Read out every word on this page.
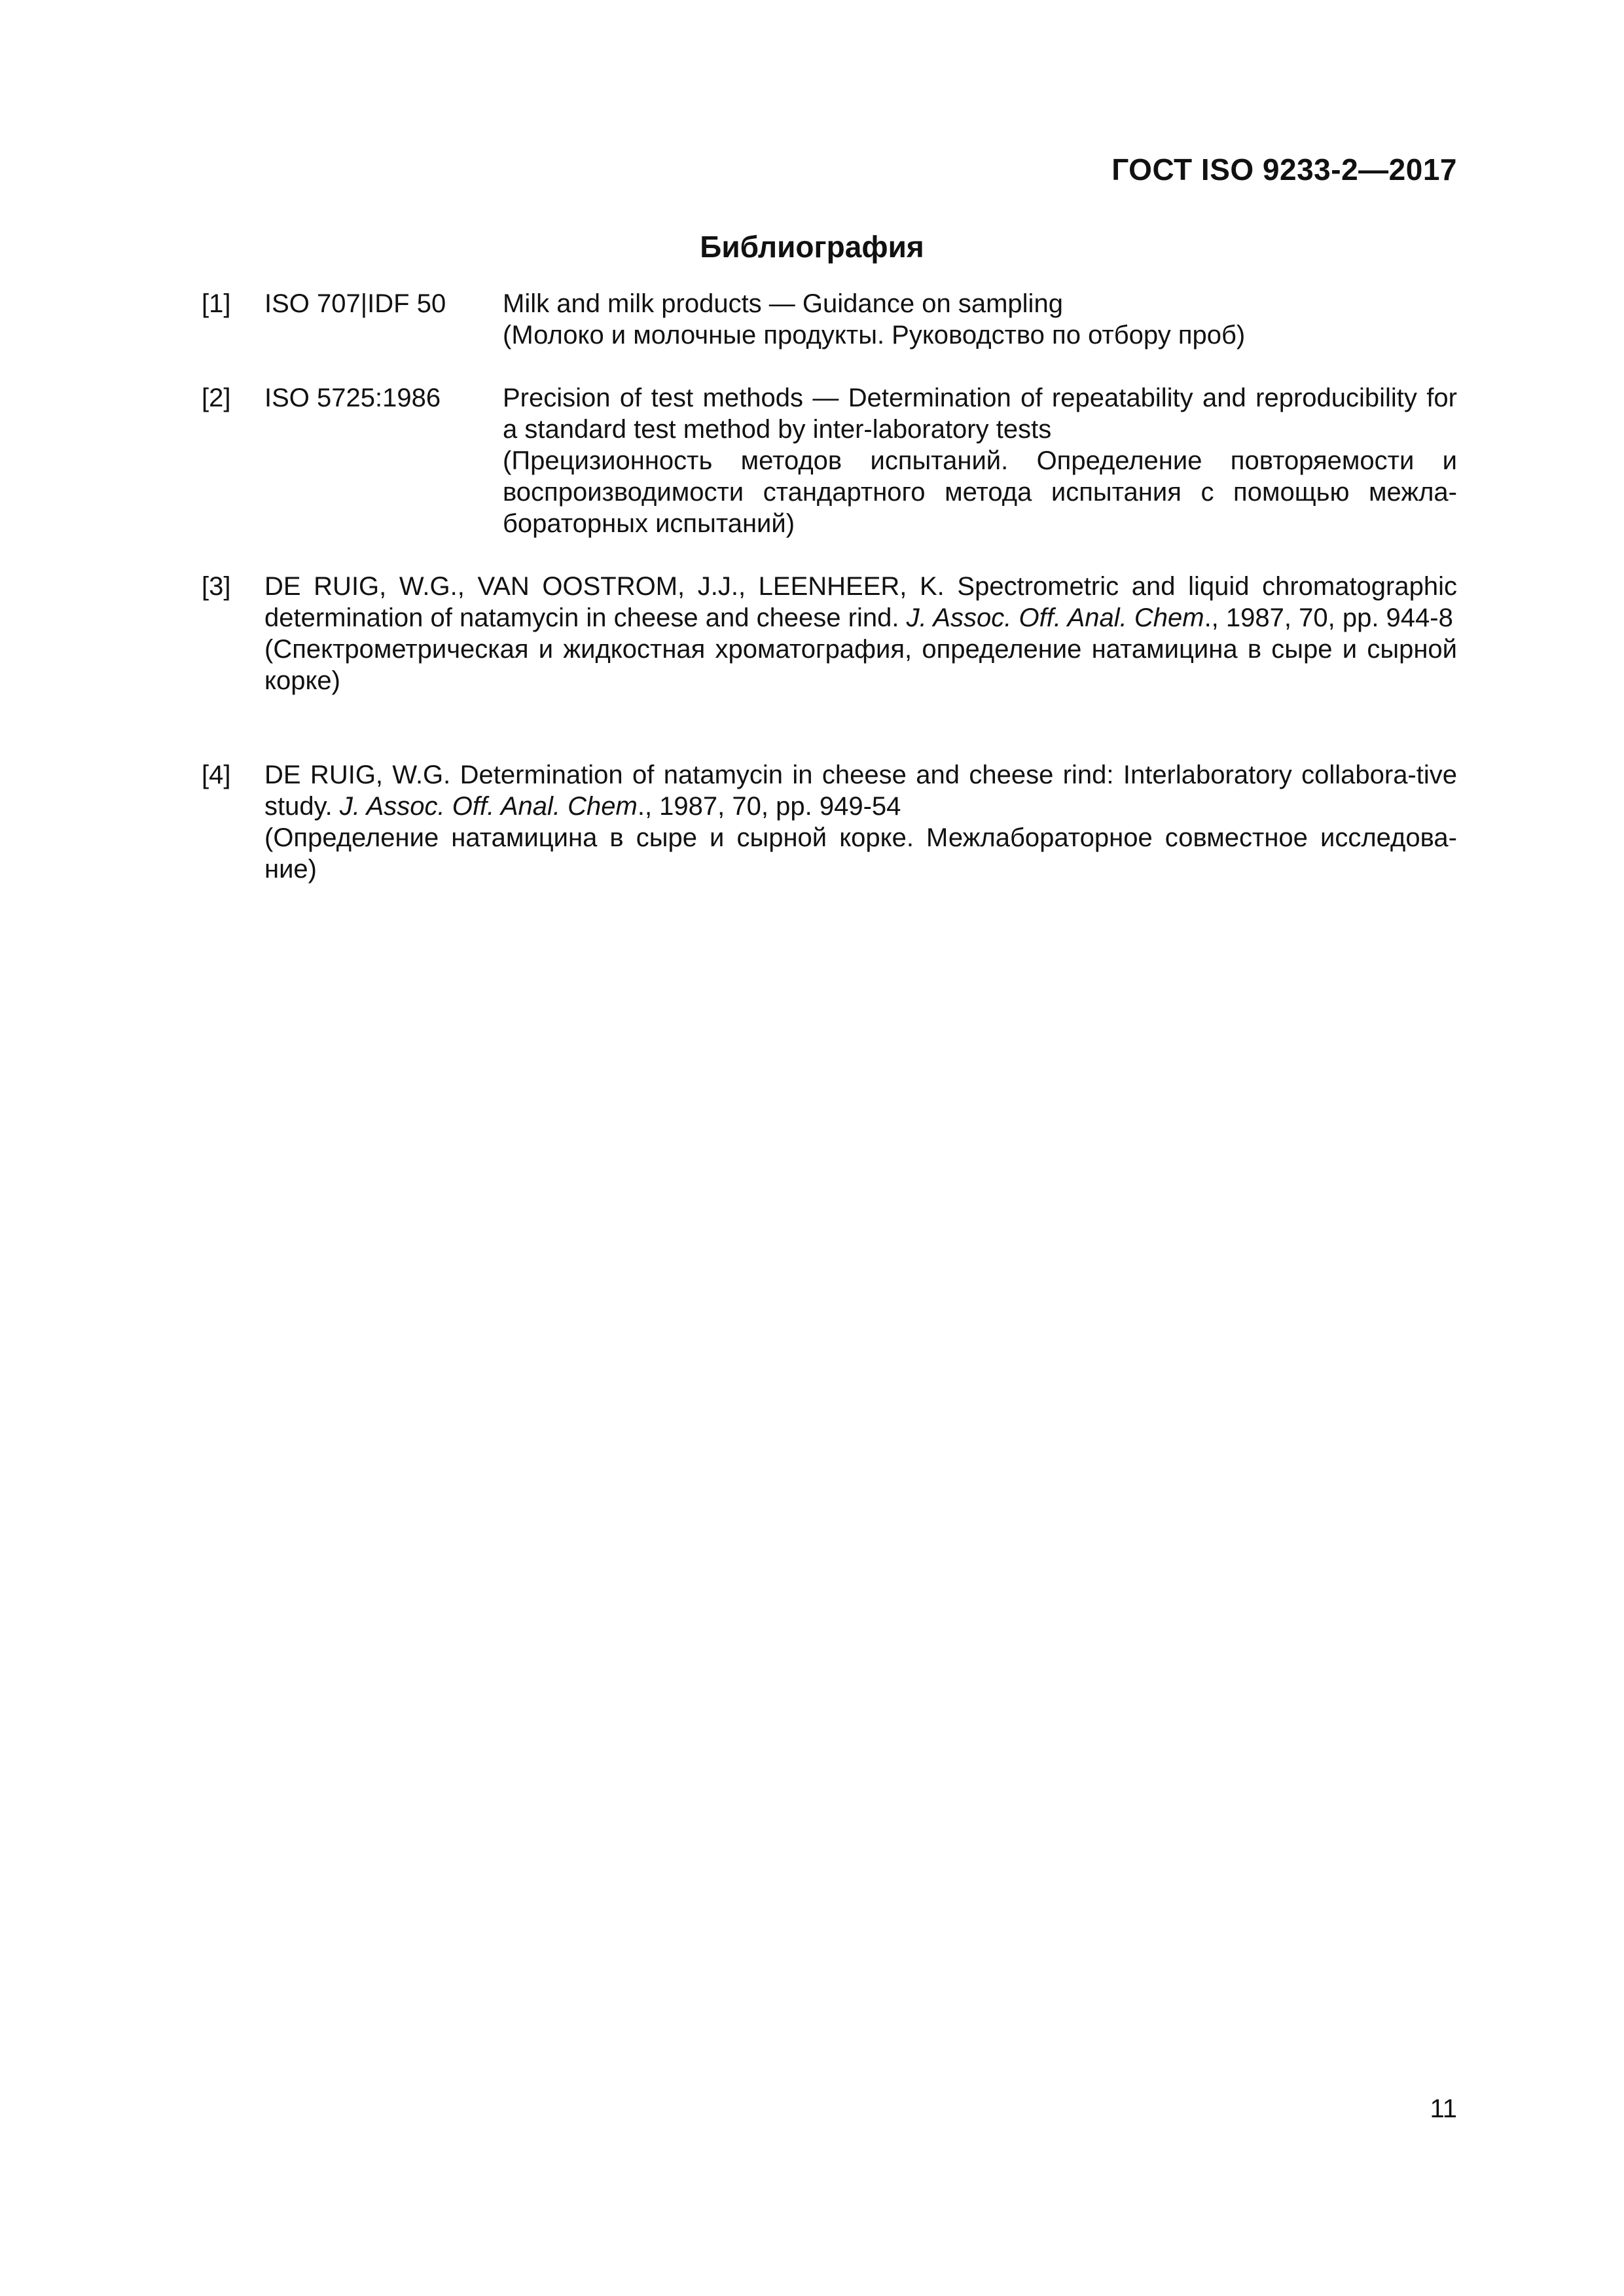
ГОСТ ISO 9233-2—2017
Библиография
[1] ISO 707|IDF 50 Milk and milk products — Guidance on sampling
(Молоко и молочные продукты. Руководство по отбору проб)
[2] ISO 5725:1986 Precision of test methods — Determination of repeatability and reproducibility for
a standard test method by inter-laboratory tests
(Прецизионность методов испытаний. Определение повторяемости и воспроизводимости стандартного метода испытания с помощью межла-бораторных испытаний)
[3] DE RUIG, W.G., VAN OOSTROM, J.J., LEENHEER, K. Spectrometric and liquid chromatographic determination of natamycin in cheese and cheese rind. J. Assoc. Off. Anal. Chem., 1987, 70, pp. 944-8
(Спектрометрическая и жидкостная хроматография, определение натамицина в сыре и сырной корке)
[4] DE RUIG, W.G. Determination of natamycin in cheese and cheese rind: Interlaboratory collabora-tive study. J. Assoc. Off. Anal. Chem., 1987, 70, pp. 949-54
(Определение натамицина в сыре и сырной корке. Межлабораторное совместное исследова-ние)
11
